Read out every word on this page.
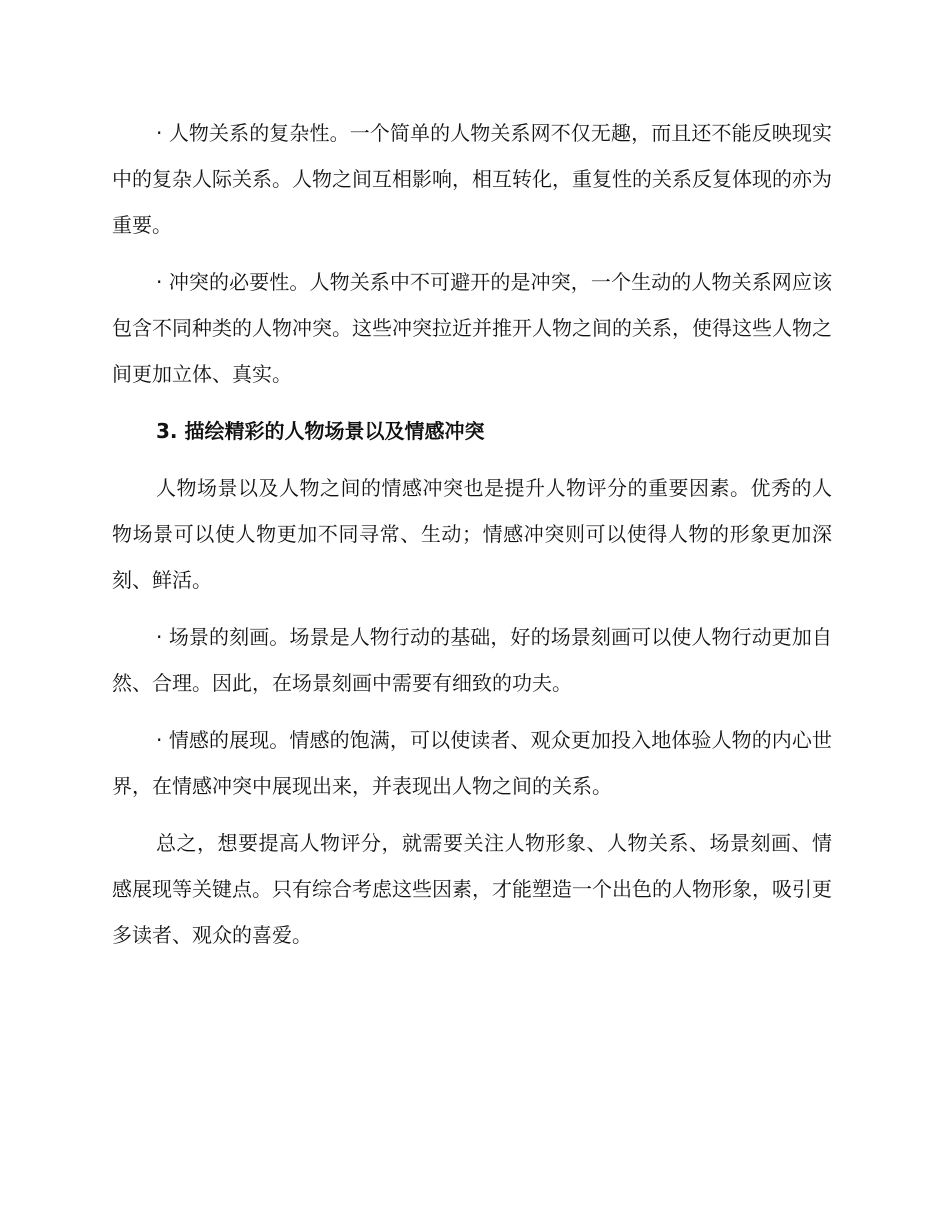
· 人物关系的复杂性。一个简单的人物关系网不仅无趣，而且还不能反映现实中的复杂人际关系。人物之间互相影响，相互转化，重复性的关系反复体现的亦为重要。

· 冲突的必要性。人物关系中不可避开的是冲突，一个生动的人物关系网应该包含不同种类的人物冲突。这些冲突拉近并推开人物之间的关系，使得这些人物之间更加立体、真实。

3. 描绘精彩的人物场景以及情感冲突

人物场景以及人物之间的情感冲突也是提升人物评分的重要因素。优秀的人物场景可以使人物更加不同寻常、生动；情感冲突则可以使得人物的形象更加深刻、鲜活。

· 场景的刻画。场景是人物行动的基础，好的场景刻画可以使人物行动更加自然、合理。因此，在场景刻画中需要有细致的功夫。

· 情感的展现。情感的饱满，可以使读者、观众更加投入地体验人物的内心世界，在情感冲突中展现出来，并表现出人物之间的关系。

总之，想要提高人物评分，就需要关注人物形象、人物关系、场景刻画、情感展现等关键点。只有综合考虑这些因素，才能塑造一个出色的人物形象，吸引更多读者、观众的喜爱。
